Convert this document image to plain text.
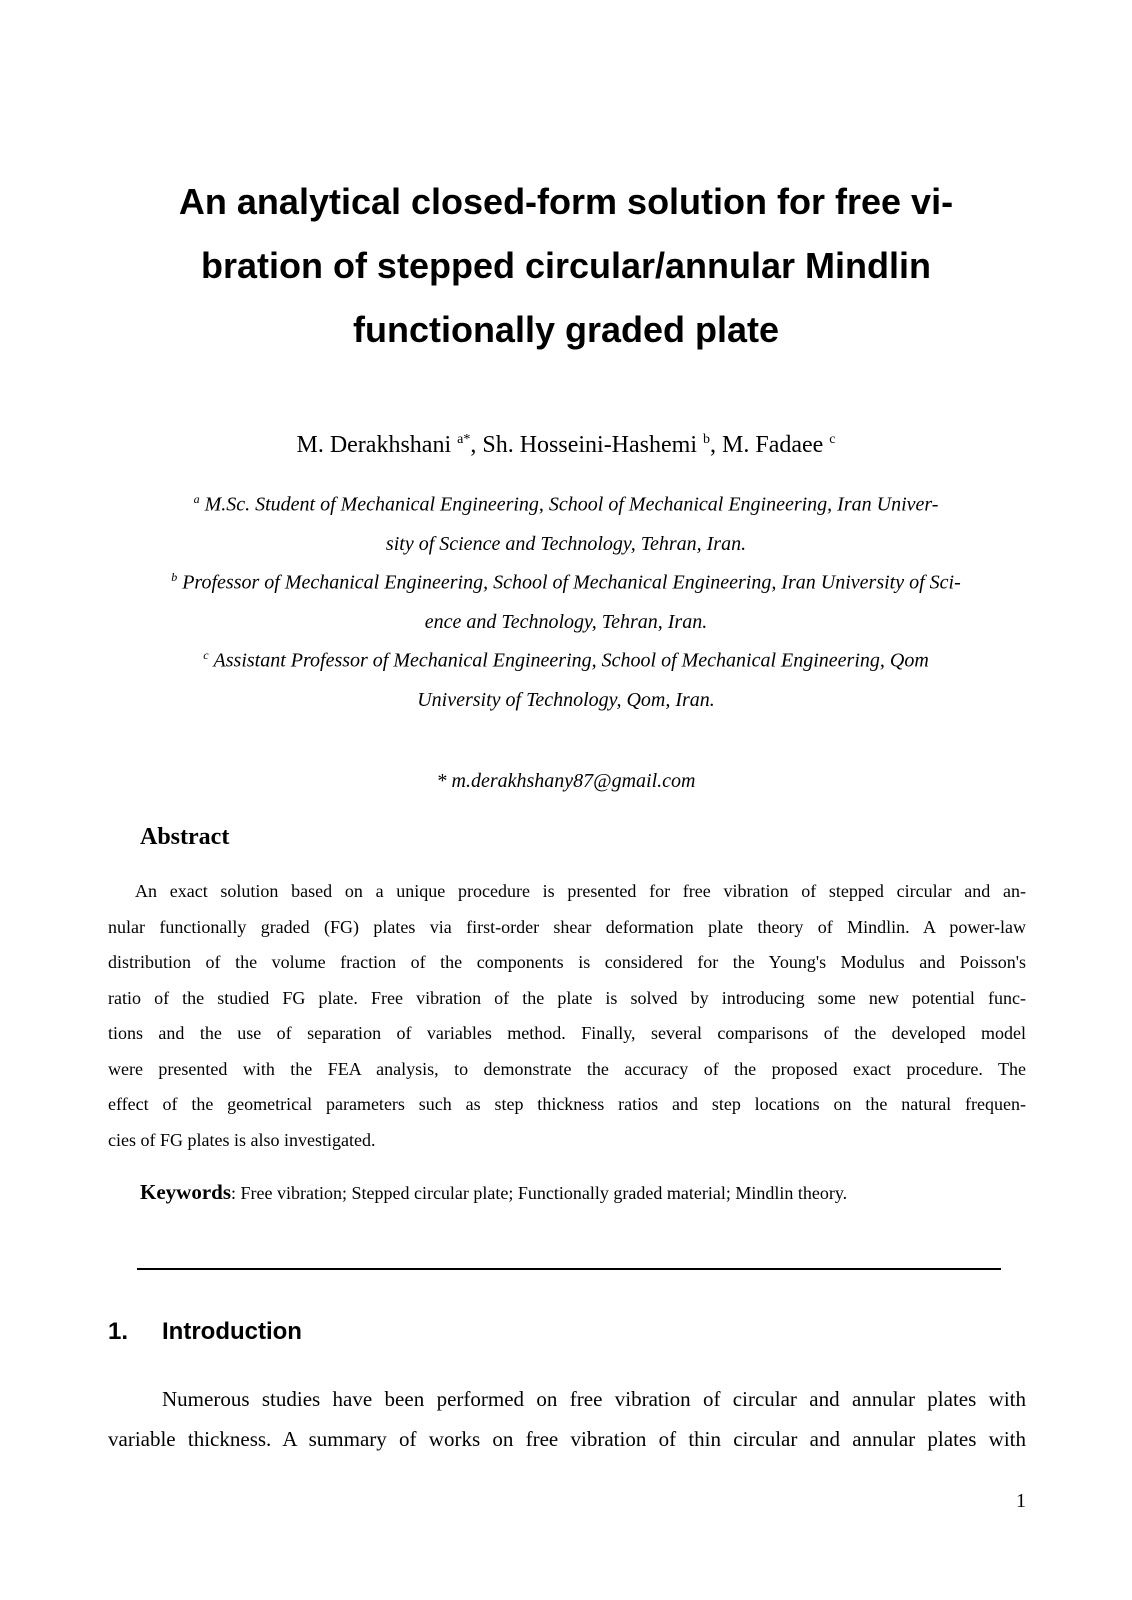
An analytical closed-form solution for free vi-
bration of stepped circular/annular Mindlin
functionally graded plate
M. Derakhshani $^{a*}$, Sh. Hosseini-Hashemi $^b$, M. Fadaee $^c$
$^a$ M.Sc. Student of Mechanical Engineering, School of Mechanical Engineering, Iran Univer-
sity of Science and Technology, Tehran, Iran.
$^b$ Professor of Mechanical Engineering, School of Mechanical Engineering, Iran University of Sci-
ence and Technology, Tehran, Iran.
$^c$ Assistant Professor of Mechanical Engineering, School of Mechanical Engineering, Qom
University of Technology, Qom, Iran.
* m.derakhshany87@gmail.com
Abstract
An exact solution based on a unique procedure is presented for free vibration of stepped circular and an-
nular functionally graded (FG) plates via first-order shear deformation plate theory of Mindlin. A power-law
distribution of the volume fraction of the components is considered for the Young's Modulus and Poisson's
ratio of the studied FG plate. Free vibration of the plate is solved by introducing some new potential func-
tions and the use of separation of variables method. Finally, several comparisons of the developed model
were presented with the FEA analysis, to demonstrate the accuracy of the proposed exact procedure. The
effect of the geometrical parameters such as step thickness ratios and step locations on the natural frequen-
cies of FG plates is also investigated.
Keywords: Free vibration; Stepped circular plate; Functionally graded material; Mindlin theory.
1. Introduction
Numerous studies have been performed on free vibration of circular and annular plates with
variable thickness. A summary of works on free vibration of thin circular and annular plates with
1
